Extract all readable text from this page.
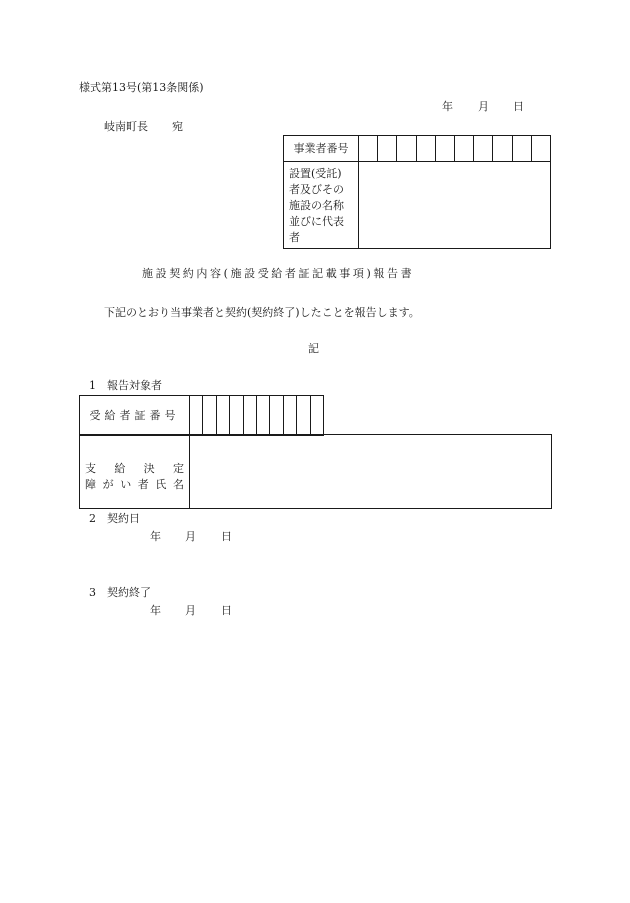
様式第13号(第13条関係)
年 月 日
岐南町長 宛
事業者番号										

設置(受託)
者及びその
施設の名称
並びに代表
者										

施設契約内容(施設受給者証記載事項)報告書
下記のとおり当事業者と契約(契約終了)したことを報告します。
記
1　報告対象者
受給者証番号										
支 給 決 定
障 が い 者 氏 名

2　契約日
年 月 日
3　契約終了
年 月 日
